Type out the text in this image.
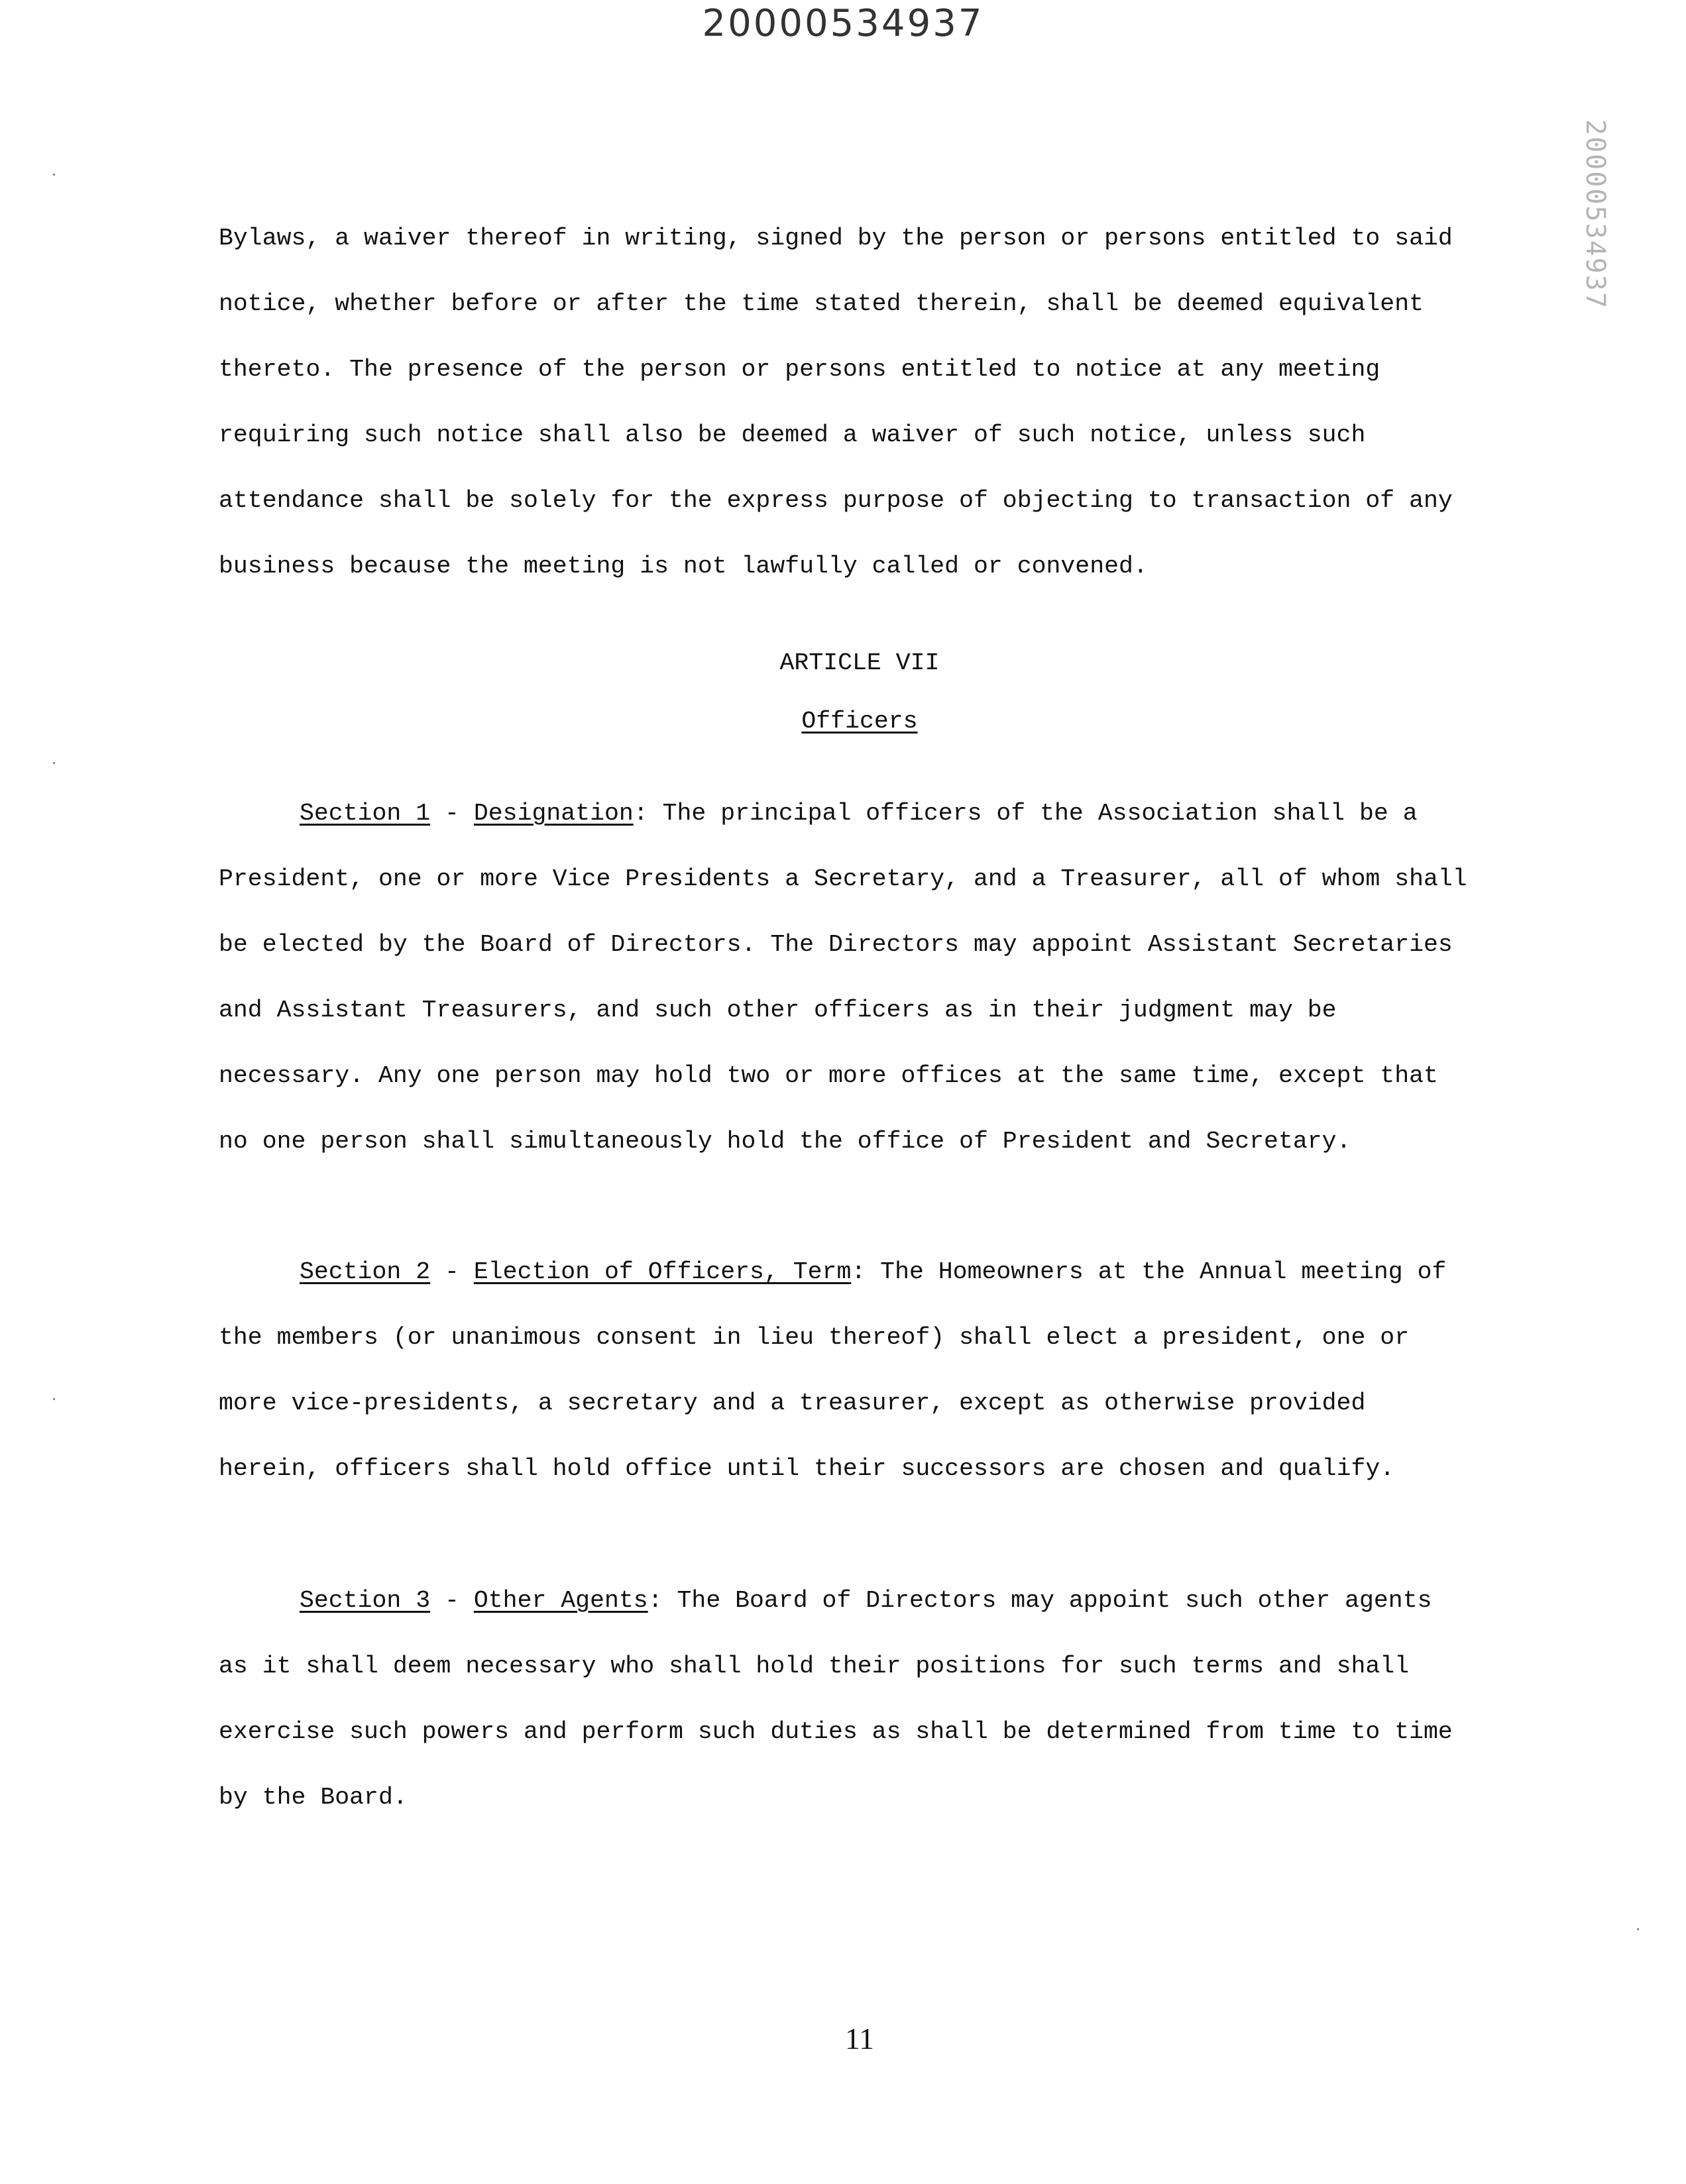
20000534937
20000534937
Bylaws, a waiver thereof in writing, signed by the person or persons entitled to said
notice, whether before or after the time stated therein, shall be deemed equivalent
thereto. The presence of the person or persons entitled to notice at any meeting
requiring such notice shall also be deemed a waiver of such notice, unless such
attendance shall be solely for the express purpose of objecting to transaction of any
business because the meeting is not lawfully called or convened.
ARTICLE VII
Officers
Section 1 - Designation: The principal officers of the Association shall be a
President, one or more Vice Presidents a Secretary, and a Treasurer, all of whom shall
be elected by the Board of Directors. The Directors may appoint Assistant Secretaries
and Assistant Treasurers, and such other officers as in their judgment may be
necessary. Any one person may hold two or more offices at the same time, except that
no one person shall simultaneously hold the office of President and Secretary.
Section 2 - Election of Officers, Term: The Homeowners at the Annual meeting of
the members (or unanimous consent in lieu thereof) shall elect a president, one or
more vice-presidents, a secretary and a treasurer, except as otherwise provided
herein, officers shall hold office until their successors are chosen and qualify.
Section 3 - Other Agents: The Board of Directors may appoint such other agents
as it shall deem necessary who shall hold their positions for such terms and shall
exercise such powers and perform such duties as shall be determined from time to time
by the Board.
11
